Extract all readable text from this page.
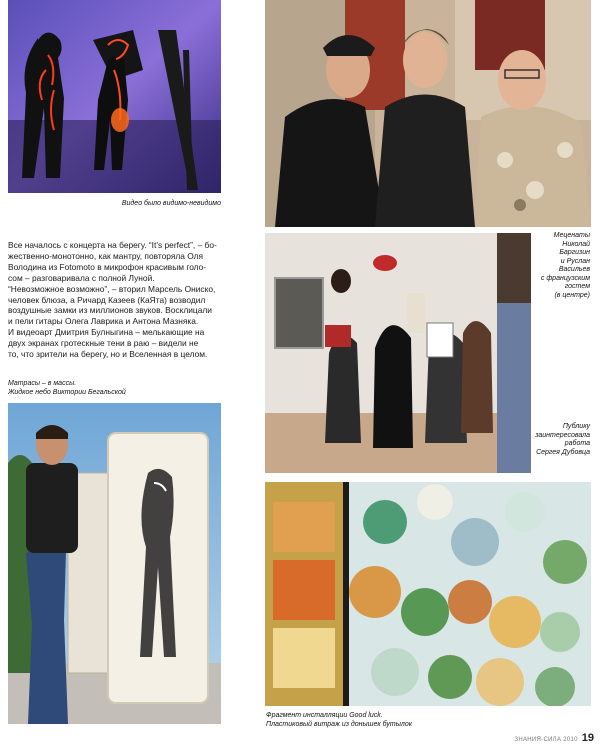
Видео было видимо-невидимо
Меценаты
Николай
Баргизин
и Руслан
Васильев
с французским
гостем
(в центре)

Все началось с концерта на берегу. “It’s perfect”, – бо-

жественно-монотонно, как мантру, повторяла Оля

Володина из Fotomoto в микрофон красивым голо-

сом – разговаривала с полной Луной.

“Невозможное возможно”, – вторил Марсель Ониско,

человек блюза, а Ричард Казеев (КаЯта) возводил

воздушные замки из миллионов звуков. Восклицали

и пели гитары Олега Лаврика и Антона Мазняка.

И видеоарт Дмитрия Булныгина – мелькающие на

двух экранах гротескные тени в раю – видели не

то, что зрители на берегу, но и Вселенная в целом.

Публику
заинтересовала
работа
Сергея Дубовца
Матрасы – в массы.
Жидкое небо Виктории Бегальской
Фрагмент инсталляции Good luck.
Пластиковый витраж из донышек бутылок
ЗНАНИЯ-СИЛА 2010 19
